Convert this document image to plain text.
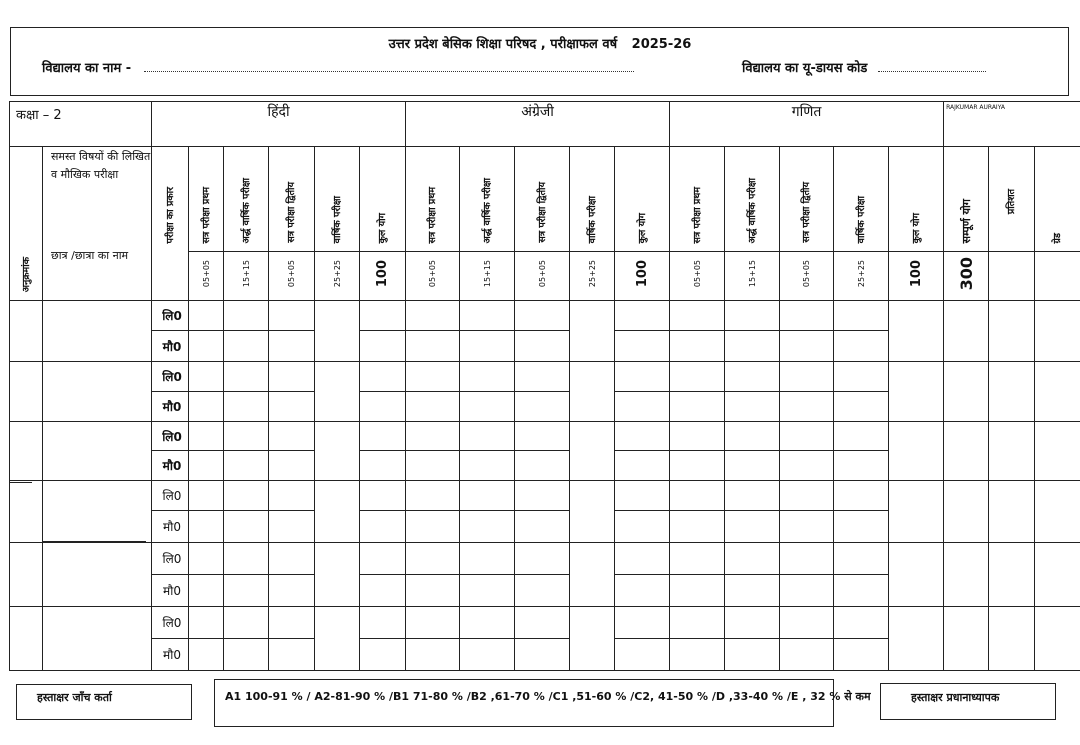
उत्तर प्रदेश बेसिक शिक्षा परिषद , परीक्षाफल वर्ष 2025-26
विद्यालय का नाम -	विद्यालय का यू-डायस कोड
कक्षा – 2		हिंदी						अंग्रेजी					गणित					RAJKUMAR AURAIYA		
अनुक्रमांक	समस्त विषयों की लिखित व मौखिक परीक्षा
छात्र /छात्रा का नाम	परीक्षा का प्रकार	सत्र परीक्षा प्रथम	अर्द्ध वार्षिक परीक्षा	सत्र परीक्षा द्वितीय	वार्षिक परीक्षा	कुल योग	सत्र परीक्षा प्रथम	अर्द्ध वार्षिक परीक्षा	सत्र परीक्षा द्वितीय	वार्षिक परीक्षा	कुल योग	सत्र परीक्षा प्रथम	अर्द्ध वार्षिक परीक्षा	सत्र परीक्षा द्वितीय	वार्षिक परीक्षा	कुल योग	सम्पूर्ण योग	प्रतिशत	ग्रेड
			05+05	15+15	05+05	25+25	100	05+05	15+15	05+05	25+25	100	05+05	15+15	05+05	25+25	100	300		
		लि0																		
		मौ0																		
		लि0																		
		मौ0																		
		लि0																		
		मौ0																		
		लि0																		
		मौ0																		
		लि0																		
		मौ0																		
		लि0																		
		मौ0																		
हस्ताक्षर जाँच कर्ता	A1 100-91 % / A2-81-90 % /B1 71-80 % /B2 ,61-70 % /C1 ,51-60 % /C2, 41-50 % /D ,33-40 % /E , 32 % से कम	हस्ताक्षर प्रधानाध्यापक
